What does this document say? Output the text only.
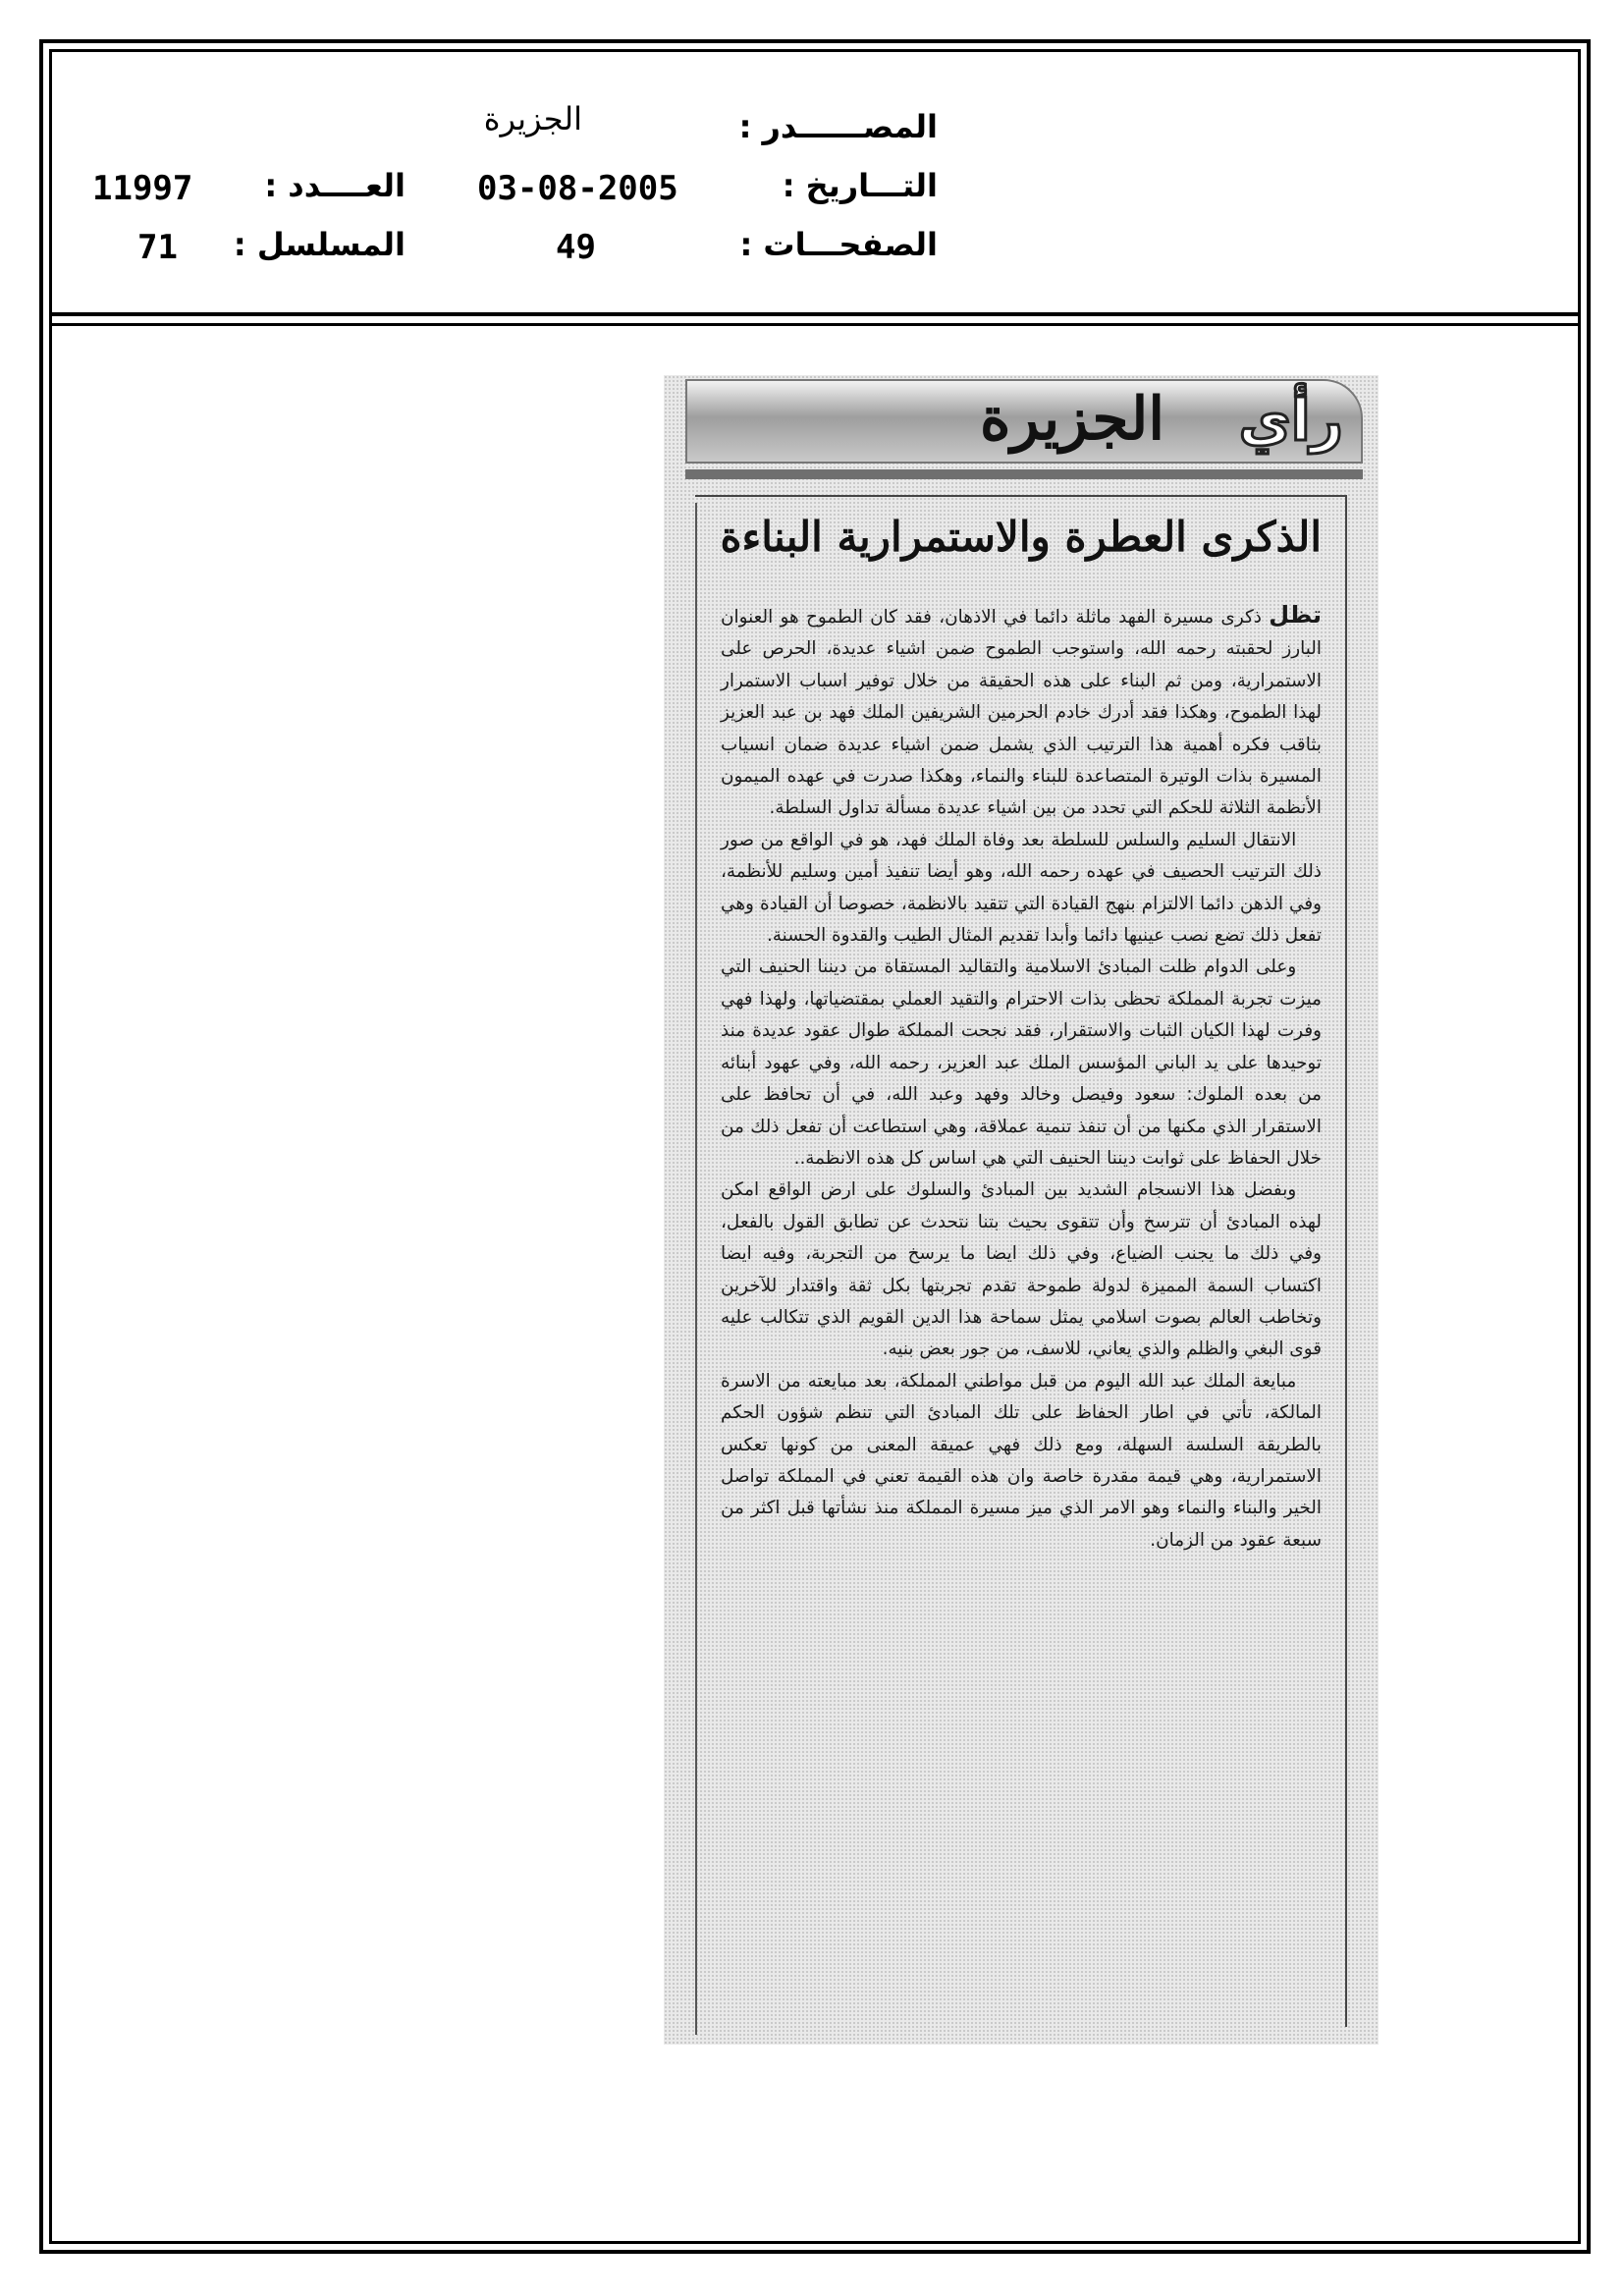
المصــــــدر :
الجزيرة
التـــاريخ :
03-08-2005
العــــدد :
11997
الصفحـــات :
49
المسلسل :
71
رأي
الجزيرة
الذكرى العطرة والاستمرارية البناءة

تظل ذكرى مسيرة الفهد ماثلة دائما في الاذهان، فقد كان الطموح هو العنوان البارز لحقبته رحمه الله، واستوجب الطموح ضمن اشياء عديدة، الحرص على الاستمرارية، ومن ثم البناء على هذه الحقيقة من خلال توفير اسباب الاستمرار لهذا الطموح، وهكذا فقد أدرك خادم الحرمين الشريفين الملك فهد بن عبد العزيز بثاقب فكره أهمية هذا الترتيب الذي يشمل ضمن اشياء عديدة ضمان انسياب المسيرة بذات الوتيرة المتصاعدة للبناء والنماء، وهكذا صدرت في عهده الميمون الأنظمة الثلاثة للحكم التي تحدد من بين اشياء عديدة مسألة تداول السلطة.

الانتقال السليم والسلس للسلطة بعد وفاة الملك فهد، هو في الواقع من صور ذلك الترتيب الحصيف في عهده رحمه الله، وهو أيضا تنفيذ أمين وسليم للأنظمة، وفي الذهن دائما الالتزام بنهج القيادة التي تتقيد بالانظمة، خصوصا أن القيادة وهي تفعل ذلك تضع نصب عينيها دائما وأبدا تقديم المثال الطيب والقدوة الحسنة.

وعلى الدوام ظلت المبادئ الاسلامية والتقاليد المستقاة من ديننا الحنيف التي ميزت تجربة المملكة تحظى بذات الاحترام والتقيد العملي بمقتضياتها، ولهذا فهي وفرت لهذا الكيان الثبات والاستقرار، فقد نجحت المملكة طوال عقود عديدة منذ توحيدها على يد الباني المؤسس الملك عبد العزيز، رحمه الله، وفي عهود أبنائه من بعده الملوك: سعود وفيصل وخالد وفهد وعبد الله، في أن تحافظ على الاستقرار الذي مكنها من أن تنفذ تنمية عملاقة، وهي استطاعت أن تفعل ذلك من خلال الحفاظ على ثوابت ديننا الحنيف التي هي اساس كل هذه الانظمة..

وبفضل هذا الانسجام الشديد بين المبادئ والسلوك على ارض الواقع امكن لهذه المبادئ أن تترسخ وأن تتقوى بحيث بتنا نتحدث عن تطابق القول بالفعل، وفي ذلك ما يجنب الضياع، وفي ذلك ايضا ما يرسخ من التجربة، وفيه ايضا اكتساب السمة المميزة لدولة طموحة تقدم تجربتها بكل ثقة واقتدار للآخرين وتخاطب العالم بصوت اسلامي يمثل سماحة هذا الدين القويم الذي تتكالب عليه قوى البغي والظلم والذي يعاني، للاسف، من جور بعض بنيه.

مبايعة الملك عبد الله اليوم من قبل مواطني المملكة، بعد مبايعته من الاسرة المالكة، تأتي في اطار الحفاظ على تلك المبادئ التي تنظم شؤون الحكم بالطريقة السلسة السهلة، ومع ذلك فهي عميقة المعنى من كونها تعكس الاستمرارية، وهي قيمة مقدرة خاصة وان هذه القيمة تعني في المملكة تواصل الخير والبناء والنماء وهو الامر الذي ميز مسيرة المملكة منذ نشأتها قبل اكثر من سبعة عقود من الزمان.
